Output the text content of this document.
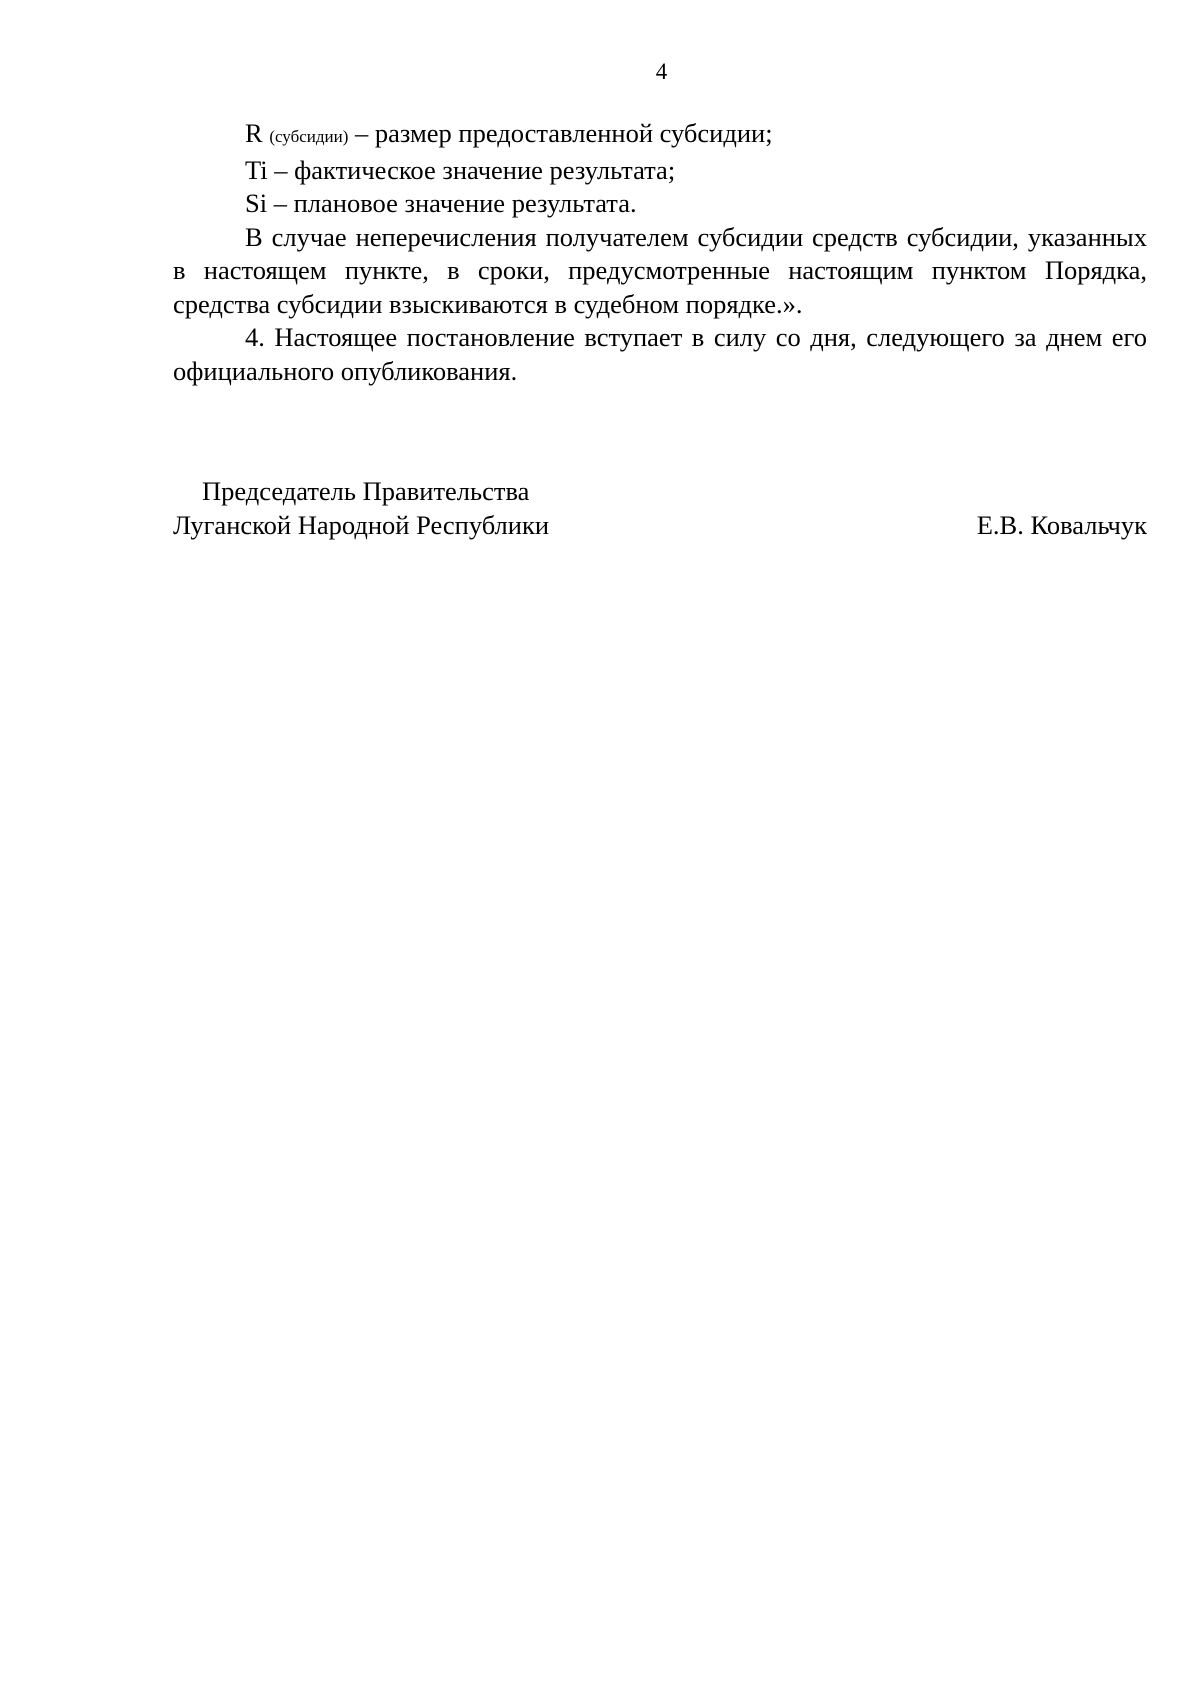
4

R (субсидии) – размер предоставленной субсидии;

Ti – фактическое значение результата;

Si – плановое значение результата.

В случае неперечисления получателем субсидии средств субсидии, указанных в настоящем пункте, в сроки, предусмотренные настоящим пунктом Порядка, средства субсидии взыскиваются в судебном порядке.».

4. Настоящее постановление вступает в силу со дня, следующего за днем его официального опубликования.

Председатель Правительства
Луганской Народной Республики	Е.В. Ковальчук
